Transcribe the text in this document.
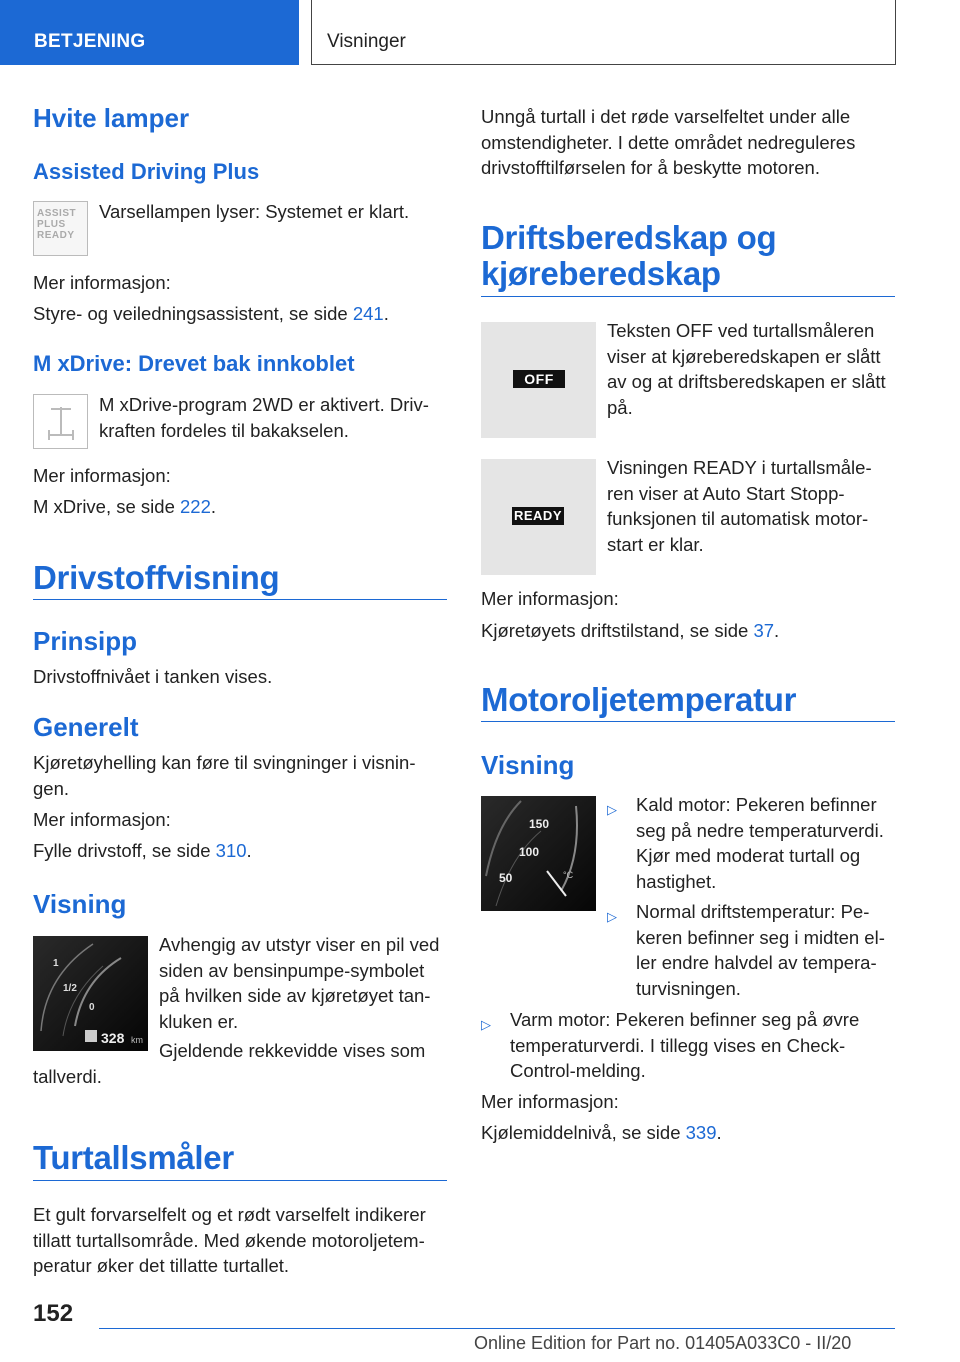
BETJENING	Visninger
Hvite lamper
Assisted Driving Plus
ASSIST PLUS READY
Varsellampen lyser: Systemet er klart.
Mer informasjon:
Styre- og veiledningsassistent, se side 241.
M xDrive: Drevet bak innkoblet
M xDrive-program 2WD er aktivert. Driv-
kraften fordeles til bakakselen.
Mer informasjon:
M xDrive, se side 222.
Drivstoffvisning
Prinsipp
Drivstoffnivået i tanken vises.
Generelt
Kjøretøyhelling kan føre til svingninger i visnin-
gen.
Mer informasjon:
Fylle drivstoff, se side 310.
Visning
1
1/2
0
328 km
Avhengig av utstyr viser en pil ved
siden av bensinpumpe-symbolet
på hvilken side av kjøretøyet tan-
kluken er.
Gjeldende rekkevidde vises som
tallverdi.
Turtallsmåler
Et gult forvarselfelt og et rødt varselfelt indikerer
tillatt turtallsområde. Med økende motoroljetem-
peratur øker det tillatte turtallet.
Unngå turtall i det røde varselfeltet under alle
omstendigheter. I dette området nedreguleres
drivstofftilførselen for å beskytte motoren.
Driftsberedskap og
kjøreberedskap
OFF
Teksten OFF ved turtallsmåleren
viser at kjøreberedskapen er slått
av og at driftsberedskapen er slått
på.
READY
Visningen READY i turtallsmåle-
ren viser at Auto Start Stopp-
funksjonen til automatisk motor-
start er klar.
Mer informasjon:
Kjøretøyets driftstilstand, se side 37.
Motoroljetemperatur
Visning
150
100
50	°C
▷ Kald motor: Pekeren befinner
seg på nedre temperaturverdi.
Kjør med moderat turtall og
hastighet.
▷ Normal driftstemperatur: Pe-
keren befinner seg i midten el-
ler endre halvdel av tempera-
turvisningen.
▷ Varm motor: Pekeren befinner seg på øvre
temperaturverdi. I tillegg vises en Check-
Control-melding.
Mer informasjon:
Kjølemiddelnivå, se side 339.
152
Online Edition for Part no. 01405A033C0 - II/20
